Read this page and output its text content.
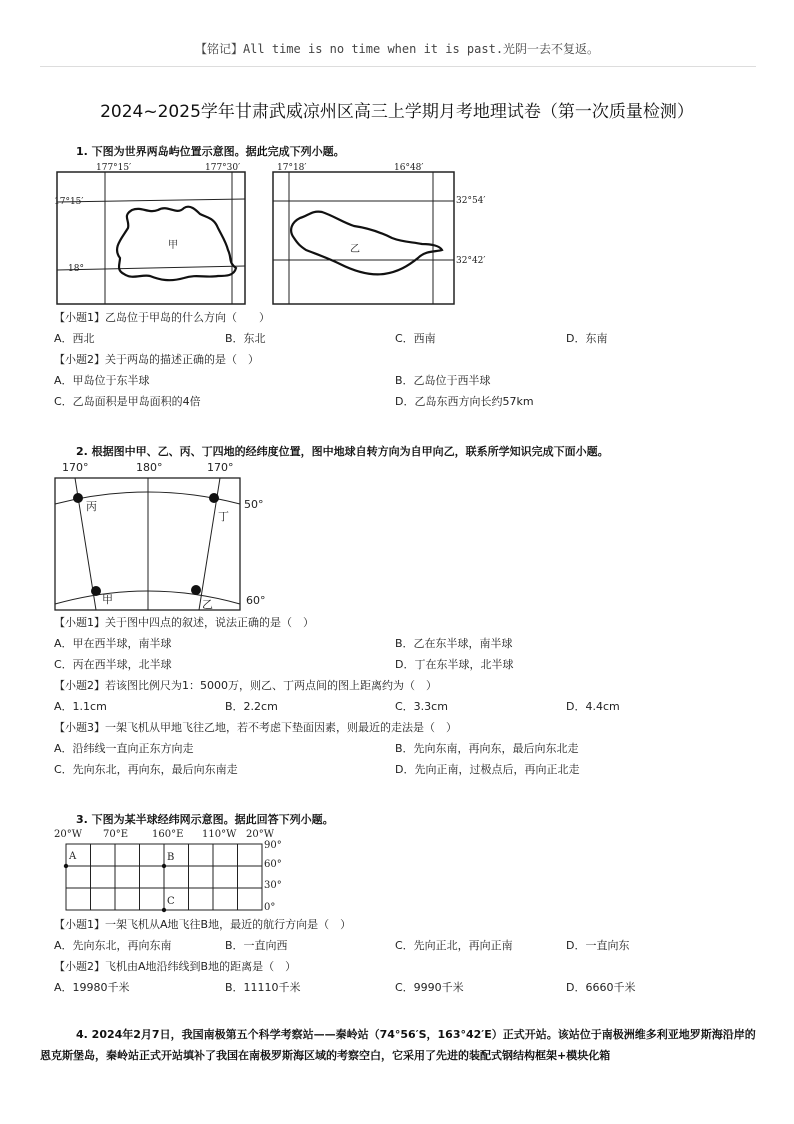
【铭记】All time is no time when it is past.光阴一去不复返。
2024~2025学年甘肃武威凉州区高三上学期月考地理试卷（第一次质量检测）
1. 下图为世界两岛屿位置示意图。据此完成下列小题。
177°15′	177°30′
17°15′
18°
甲
17°18′	16°48′
32°54′
32°42′
乙
【小题1】乙岛位于甲岛的什么方向（　　）
A．西北	B．东北	C．西南	D．东南
【小题2】关于两岛的描述正确的是（　）
A．甲岛位于东半球	B．乙岛位于西半球
C．乙岛面积是甲岛面积的4倍	D．乙岛东西方向长约57km
2. 根据图中甲、乙、丙、丁四地的经纬度位置，图中地球自转方向为自甲向乙，联系所学知识完成下面小题。
丙
丁
甲	乙
170°	180°	170°
50°
60°
【小题1】关于图中四点的叙述，说法正确的是（　）
A．甲在西半球，南半球	B．乙在东半球，南半球
C．丙在西半球，北半球	D．丁在东半球，北半球
【小题2】若该图比例尺为1：5000万，则乙、丁两点间的图上距离约为（　）
A．1.1cm	B．2.2cm	C．3.3cm	D．4.4cm
【小题3】一架飞机从甲地飞往乙地，若不考虑下垫面因素，则最近的走法是（　）
A．沿纬线一直向正东方向走	B．先向东南，再向东，最后向东北走
C．先向东北，再向东，最后向东南走	D．先向正南，过极点后，再向正北走
3. 下图为某半球经纬网示意图。据此回答下列小题。
A	B
C
20°W 70°E 160°E 110°W 20°W
90°
60°
30°
0°
【小题1】一架飞机从A地飞往B地，最近的航行方向是（　）
A．先向东北，再向东南	B．一直向西	C．先向正北，再向正南	D．一直向东
【小题2】飞机由A地沿纬线到B地的距离是（　）
A．19980千米	B．11110千米	C．9990千米	D．6660千米
4. 2024年2月7日，我国南极第五个科学考察站——秦岭站（74°56′S，163°42′E）正式开站。该站位于南极洲维多利亚地罗斯海沿岸的恩克斯堡岛，秦岭站正式开站填补了我国在南极罗斯海区域的考察空白，它采用了先进的装配式钢结构框架+模块化箱
